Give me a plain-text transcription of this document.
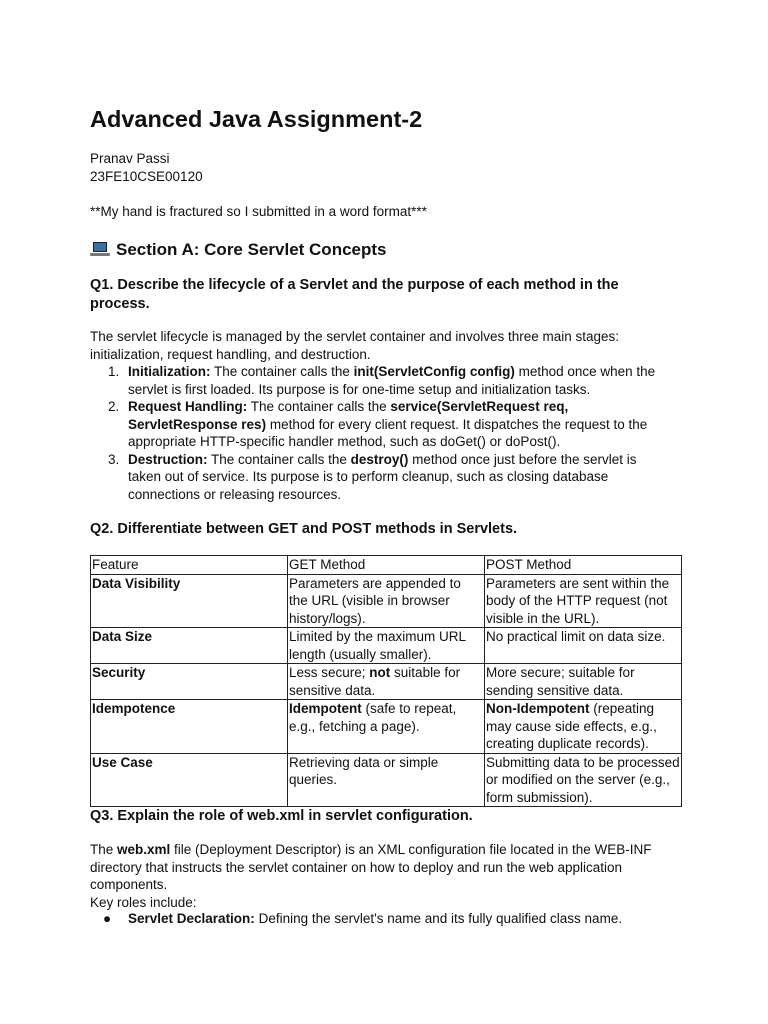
Advanced Java Assignment-2
Pranav Passi
23FE10CSE00120
**My hand is fractured so I submitted in a word format***
Section A: Core Servlet Concepts
Q1. Describe the lifecycle of a Servlet and the purpose of each method in the
process.
The servlet lifecycle is managed by the servlet container and involves three main stages:
initialization, request handling, and destruction.
1. Initialization: The container calls the init(ServletConfig config) method once when the servlet is first loaded. Its purpose is for one-time setup and initialization tasks.
2. Request Handling: The container calls the service(ServletRequest req, ServletResponse res) method for every client request. It dispatches the request to the appropriate HTTP-specific handler method, such as doGet() or doPost().
3. Destruction: The container calls the destroy() method once just before the servlet is taken out of service. Its purpose is to perform cleanup, such as closing database connections or releasing resources.
Q2. Differentiate between GET and POST methods in Servlets.
Feature	GET Method	POST Method
Data Visibility	Parameters are appended to the URL (visible in browser history/logs).	Parameters are sent within the body of the HTTP request (not visible in the URL).
Data Size	Limited by the maximum URL length (usually smaller).	No practical limit on data size.
Security	Less secure; not suitable for sensitive data.	More secure; suitable for sending sensitive data.
Idempotence	Idempotent (safe to repeat, e.g., fetching a page).	Non-Idempotent (repeating may cause side effects, e.g., creating duplicate records).
Use Case	Retrieving data or simple queries.	Submitting data to be processed or modified on the server (e.g., form submission).
Q3. Explain the role of web.xml in servlet configuration.
The web.xml file (Deployment Descriptor) is an XML configuration file located in the WEB-INF
directory that instructs the servlet container on how to deploy and run the web application
components.
Key roles include:
●	Servlet Declaration: Defining the servlet's name and its fully qualified class name.
